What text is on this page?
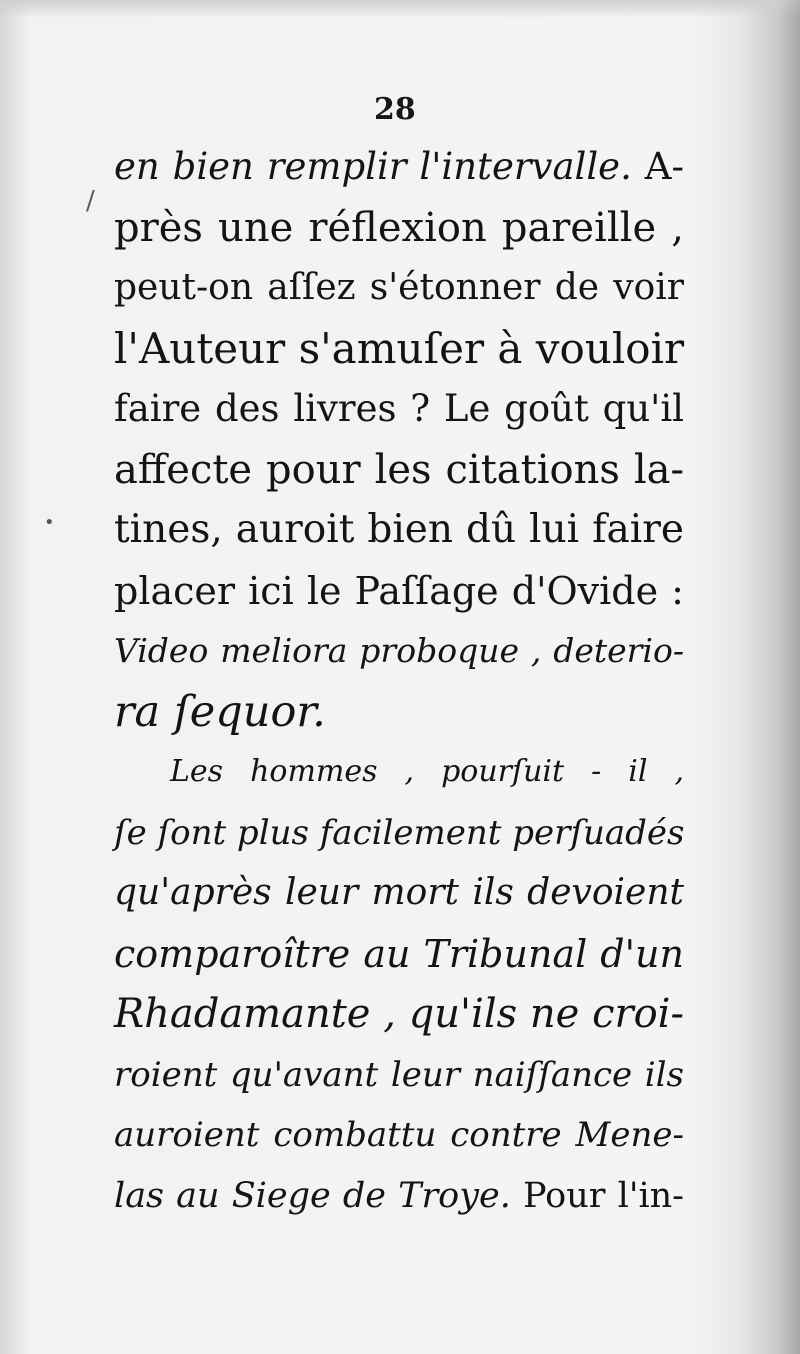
28
/
•
en bien remplir l'intervalle. A-
près une réflexion pareille ,
peut-on aſſez s'étonner de voir
l'Auteur s'amuſer à vouloir
faire des livres ? Le goût qu'il
affecte pour les citations la-
tines, auroit bien dû lui faire
placer ici le Paſſage d'Ovide :
Video meliora proboque , deterio-
ra ſequor.
Les hommes , pourſuit - il ,
ſe ſont plus facilement perſuadés
qu'après leur mort ils devoient
comparoître au Tribunal d'un
Rhadamante , qu'ils ne croi-
roient qu'avant leur naiſſance ils
auroient combattu contre Mene-
las au Siege de Troye. Pour l'in-
